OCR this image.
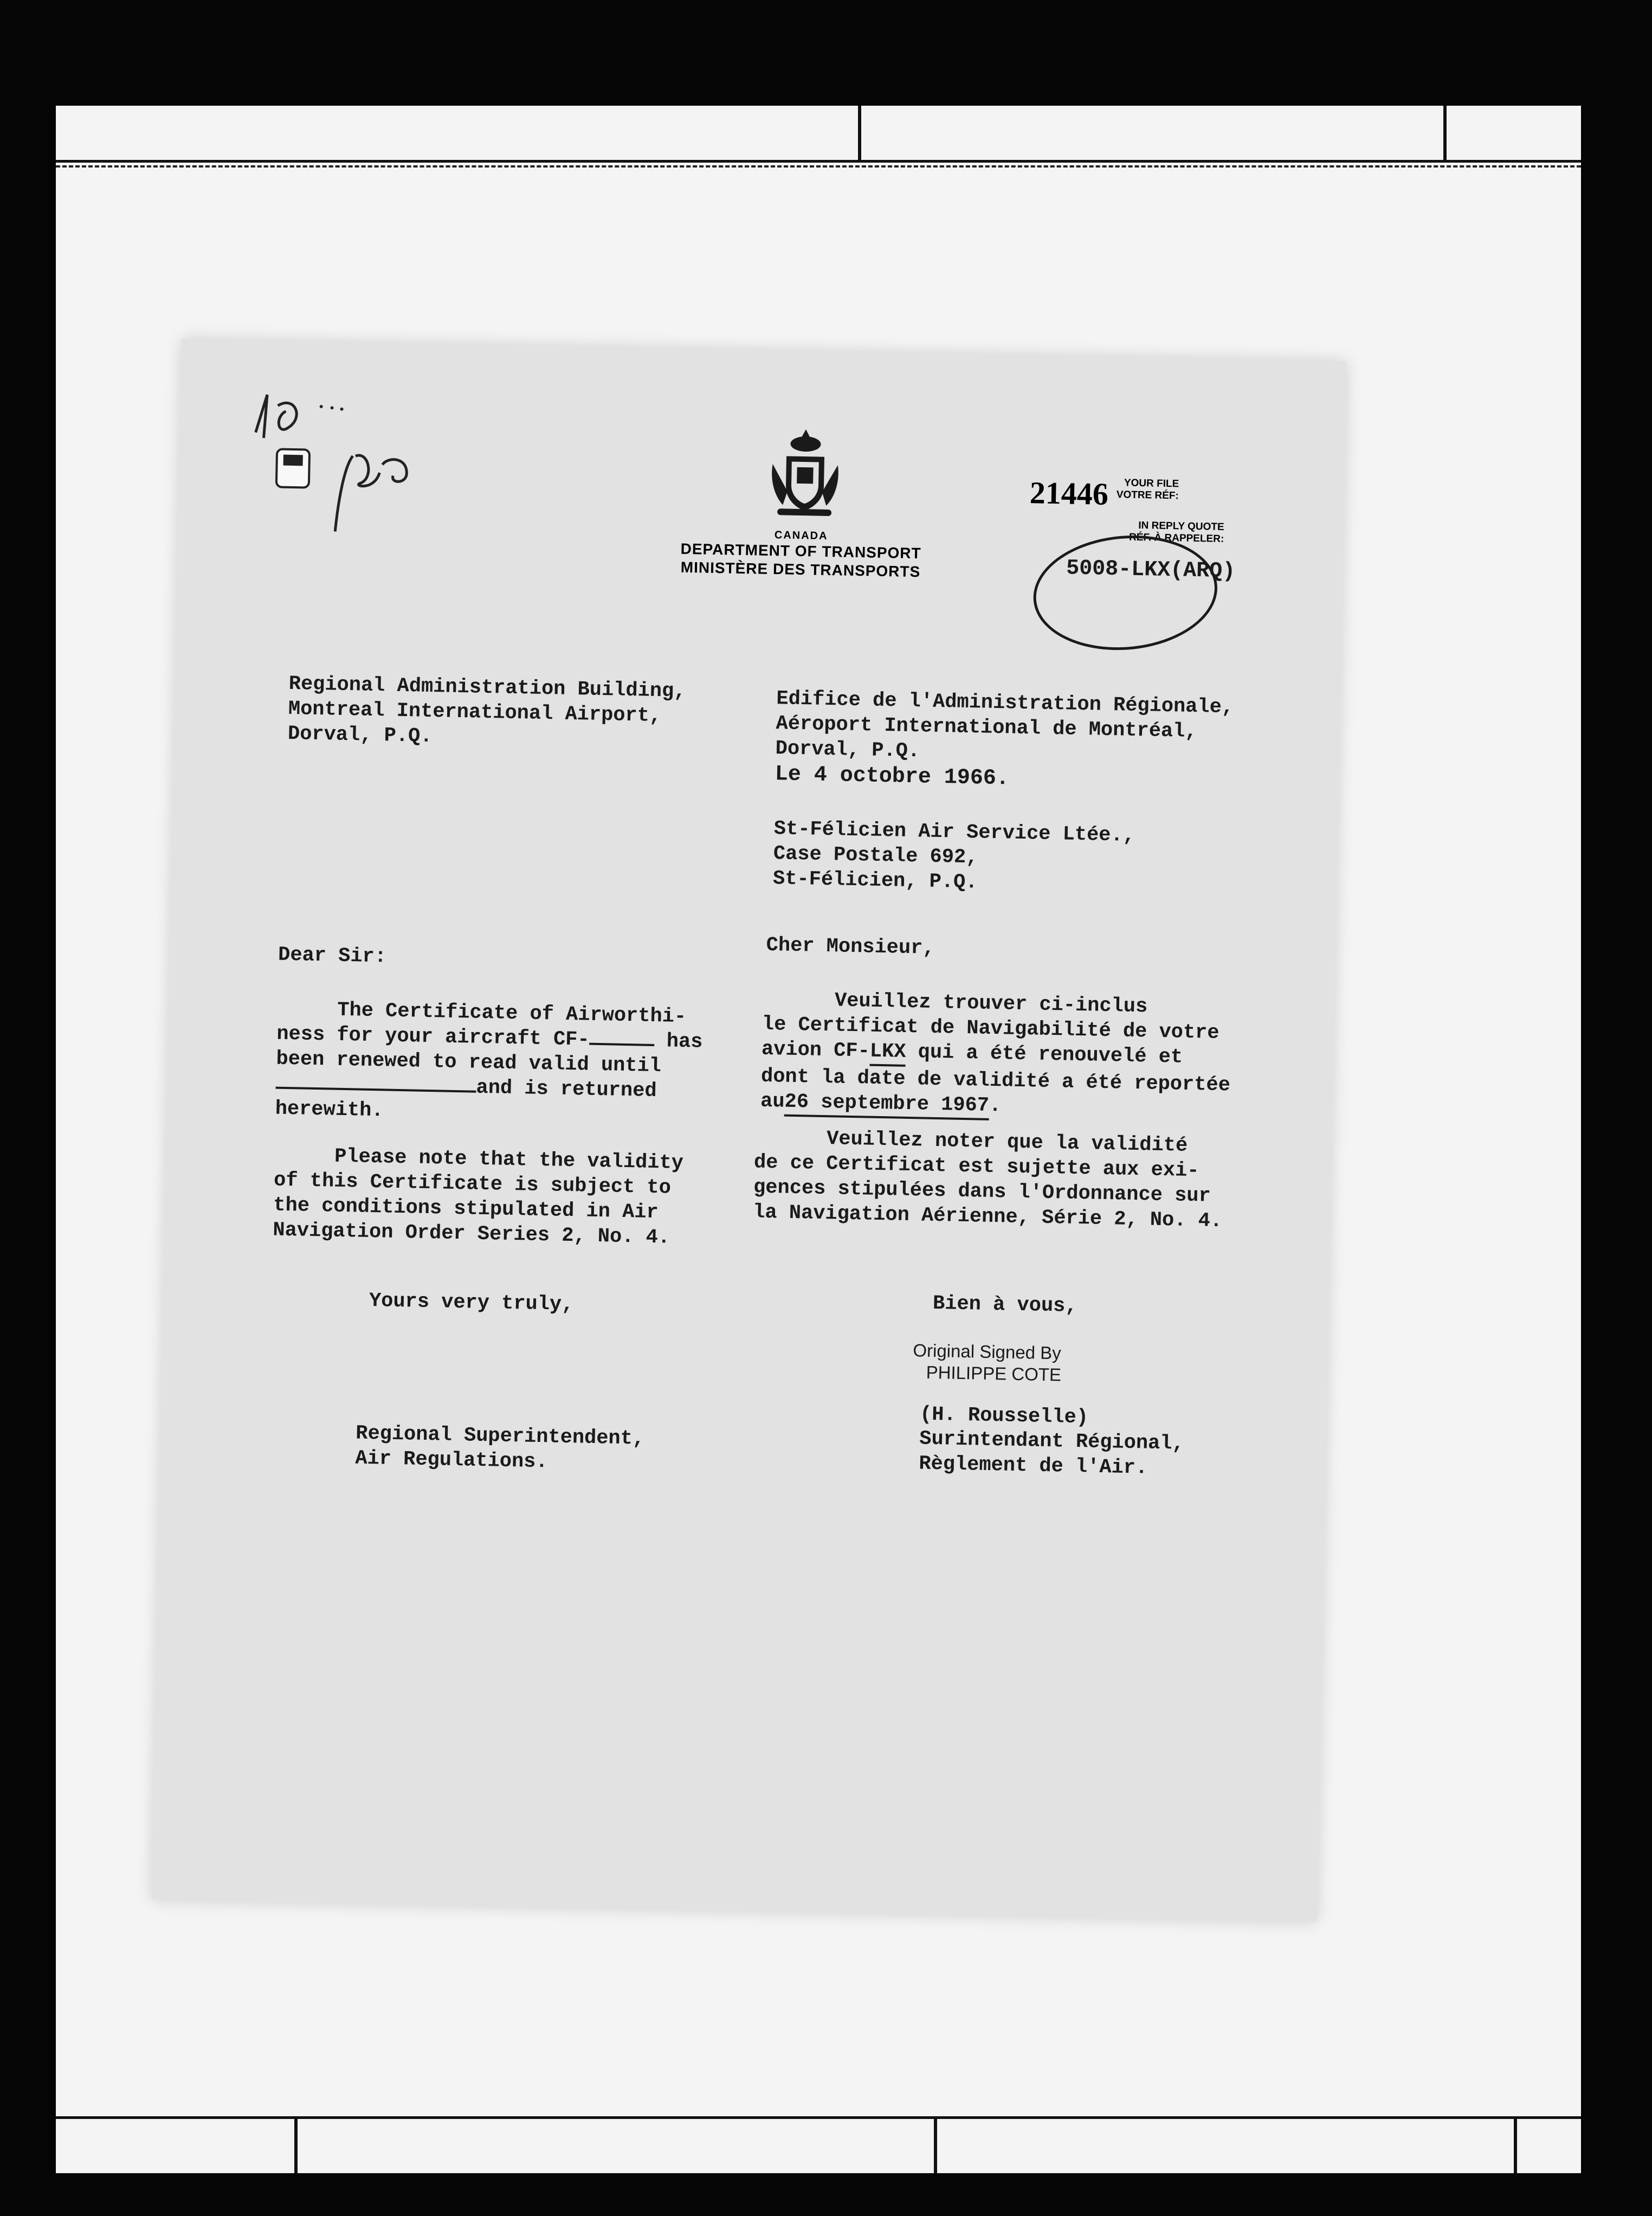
CANADA
DEPARTMENT OF TRANSPORT
MINISTÈRE DES TRANSPORTS
21446	YOUR FILE
VOTRE RÉF:
IN REPLY QUOTE
RÉF. À RAPPELER:
5008-LKX(ARQ)
Regional Administration Building,
Montreal International Airport,
Dorval, P.Q.
Dear Sir:
The Certificate of Airworthi-
ness for your aircraft CF-	has
been renewed to read valid until
and is returned
herewith.
Please note that the validity
of this Certificate is subject to
the conditions stipulated in Air
Navigation Order Series 2, No. 4.
Yours very truly,
Regional Superintendent,
Air Regulations.
Edifice de l'Administration Régionale,
Aéroport International de Montréal,
Dorval, P.Q.
Le 4 octobre 1966.
St-Félicien Air Service Ltée.,
Case Postale 692,
St-Félicien, P.Q.
Cher Monsieur,
Veuillez trouver ci-inclus
le Certificat de Navigabilité de votre
avion CF-LKX qui a été renouvelé et
dont la date de validité a été reportée
au26 septembre 1967.
Veuillez noter que la validité
de ce Certificat est sujette aux exi-
gences stipulées dans l'Ordonnance sur
la Navigation Aérienne, Série 2, No. 4.
Bien à vous,
Original Signed By
PHILIPPE COTE
(H. Rousselle)
Surintendant Régional,
Règlement de l'Air.
